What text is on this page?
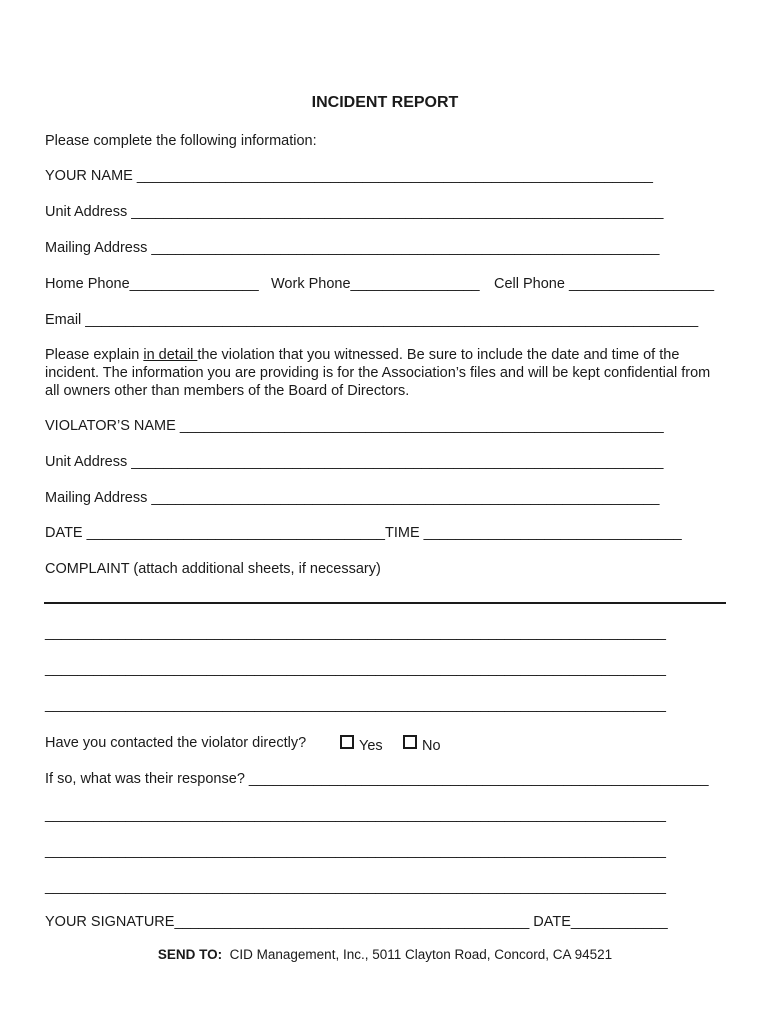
INCIDENT REPORT
Please complete the following information:
YOUR NAME ________________________________________________________________
Unit Address __________________________________________________________________
Mailing Address _______________________________________________________________
Home Phone________________ Work Phone________________ Cell Phone __________________
Email ____________________________________________________________________________
Please explain in detail the violation that you witnessed. Be sure to include the date and time of the incident. The information you are providing is for the Association’s files and will be kept confidential from all owners other than members of the Board of Directors.
VIOLATOR’S NAME ____________________________________________________________
Unit Address __________________________________________________________________
Mailing Address _______________________________________________________________
DATE _____________________________________TIME ________________________________
COMPLAINT (attach additional sheets, if necessary)
_____________________________________________________________________________
_____________________________________________________________________________
_____________________________________________________________________________
Have you contacted the violator directly?	Yes	No
If so, what was their response? _________________________________________________________
_____________________________________________________________________________
_____________________________________________________________________________
_____________________________________________________________________________
YOUR SIGNATURE____________________________________________ DATE____________
SEND TO: CID Management, Inc., 5011 Clayton Road, Concord, CA 94521
